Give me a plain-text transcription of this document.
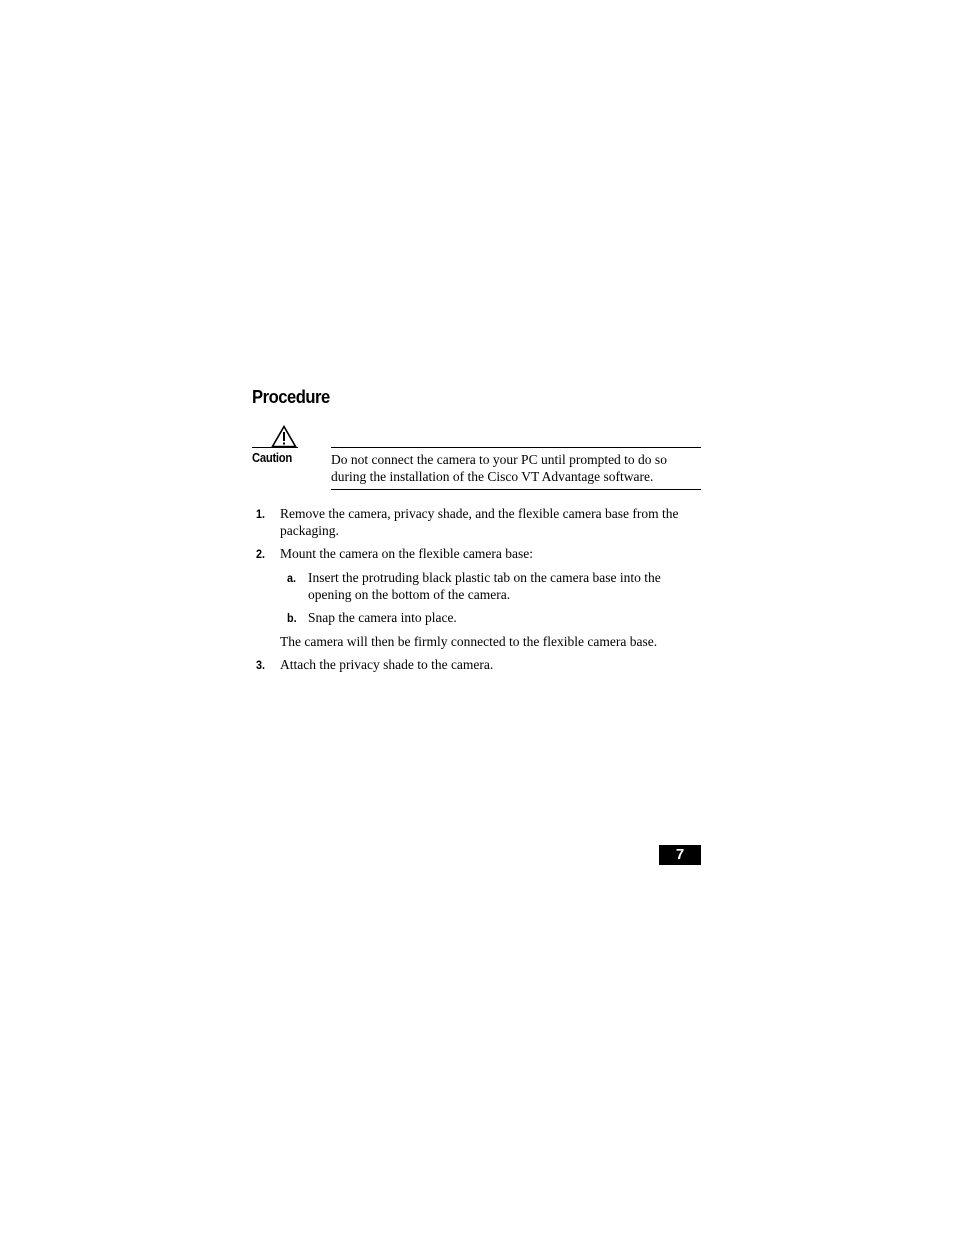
Procedure
Caution	Do not connect the camera to your PC until prompted to do so during the installation of the Cisco VT Advantage software.
1. Remove the camera, privacy shade, and the flexible camera base from the packaging.
2. Mount the camera on the flexible camera base:
a. Insert the protruding black plastic tab on the camera base into the opening on the bottom of the camera.
b. Snap the camera into place.
The camera will then be firmly connected to the flexible camera base.
3. Attach the privacy shade to the camera.
7
